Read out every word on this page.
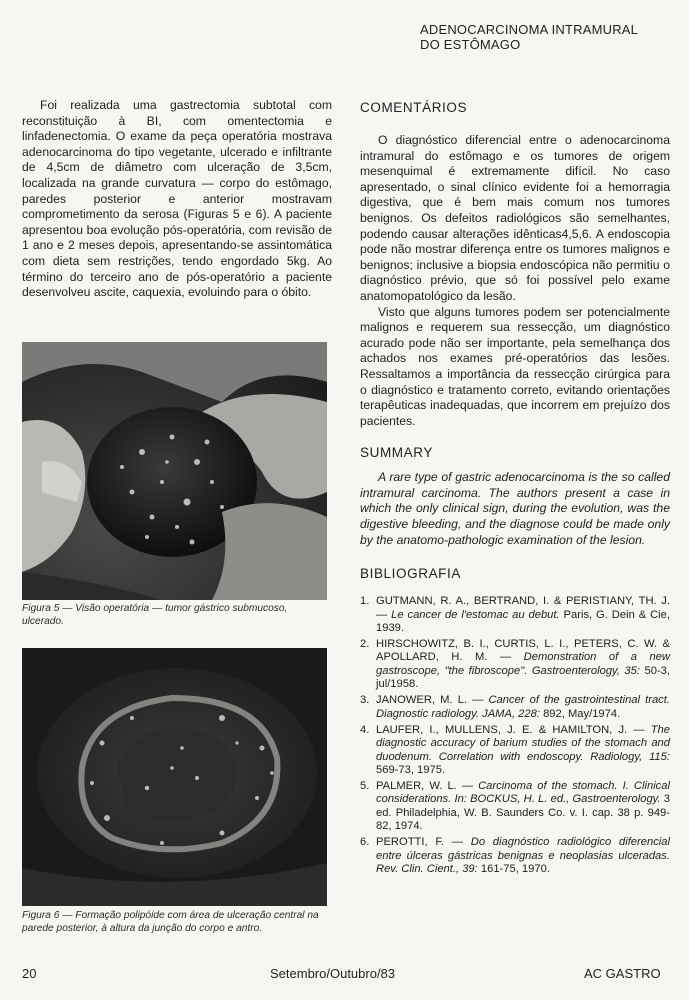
ADENOCARCINOMA INTRAMURAL
DO ESTÔMAGO

Foi realizada uma gastrectomia subtotal com reconstituição à BI, com omentectomia e linfadenectomia. O exame da peça operatória mostrava adenocarcinoma do tipo vegetante, ulcerado e infiltrante de 4,5cm de diâmetro com ulceração de 3,5cm, localizada na grande curvatura — corpo do estômago, paredes posterior e anterior mostravam comprometimento da serosa (Figuras 5 e 6). A paciente apresentou boa evolução pós-operatória, com revisão de 1 ano e 2 meses depois, apresentando-se assintomática com dieta sem restrições, tendo engordado 5kg. Ao término do terceiro ano de pós-operatório a paciente desenvolveu ascite, caquexia, evoluindo para o óbito.

Figura 5 — Visão operatória — tumor gástrico submucoso, ulcerado.
Figura 6 — Formação polipóide com área de ulceração central na parede posterior, à altura da junção do corpo e antro.
COMENTÁRIOS

O diagnóstico diferencial entre o adenocarcinoma intramural do estômago e os tumores de origem mesenquimal é extremamente difícil. No caso apresentado, o sinal clínico evidente foi a hemorragia digestiva, que é bem mais comum nos tumores benignos. Os defeitos radiológicos são semelhantes, podendo causar alterações idênticas4,5,6. A endoscopia pode não mostrar diferença entre os tumores malignos e benignos; inclusive a biopsia endoscópica não permitiu o diagnóstico prévio, que só foi possível pelo exame anatomopatológico da lesão.

Visto que alguns tumores podem ser potencialmente malignos e requerem sua ressecção, um diagnóstico acurado pode não ser importante, pela semelhança dos achados nos exames pré-operatórios das lesões. Ressaltamos a importância da ressecção cirúrgica para o diagnóstico e tratamento correto, evitando orientações terapêuticas inadequadas, que incorrem em prejuízo dos pacientes.

SUMMARY

A rare type of gastric adenocarcinoma is the so called intramural carcinoma. The authors present a case in which the only clinical sign, during the evolution, was the digestive bleeding, and the diagnose could be made only by the anatomo-pathologic examination of the lesion.

BIBLIOGRAFIA
1. GUTMANN, R. A., BERTRAND, I. & PERISTIANY, TH. J. — Le cancer de l'estomac au debut. Paris, G. Dein & Cie, 1939.
2. HIRSCHOWITZ, B. I., CURTIS, L. I., PETERS, C. W. & APOLLARD, H. M. — Demonstration of a new gastroscope, "the fibroscope". Gastroenterology, 35: 50-3, jul/1958.
3. JANOWER, M. L. — Cancer of the gastrointestinal tract. Diagnostic radiology. JAMA, 228: 892, May/1974.
4. LAUFER, I., MULLENS, J. E. & HAMILTON, J. — The diagnostic accuracy of barium studies of the stomach and duodenum. Correlation with endoscopy. Radiology, 115: 569-73, 1975.
5. PALMER, W. L. — Carcinoma of the stomach. I. Clinical considerations. In: BOCKUS, H. L. ed., Gastroenterology. 3 ed. Philadelphia, W. B. Saunders Co. v. I. cap. 38 p. 949-82, 1974.
6. PEROTTI, F. — Do diagnóstico radiológico diferencial entre úlceras gástricas benignas e neoplasias ulceradas. Rev. Clin. Cient., 39: 161-75, 1970.
20	Setembro/Outubro/83	AC GASTRO
